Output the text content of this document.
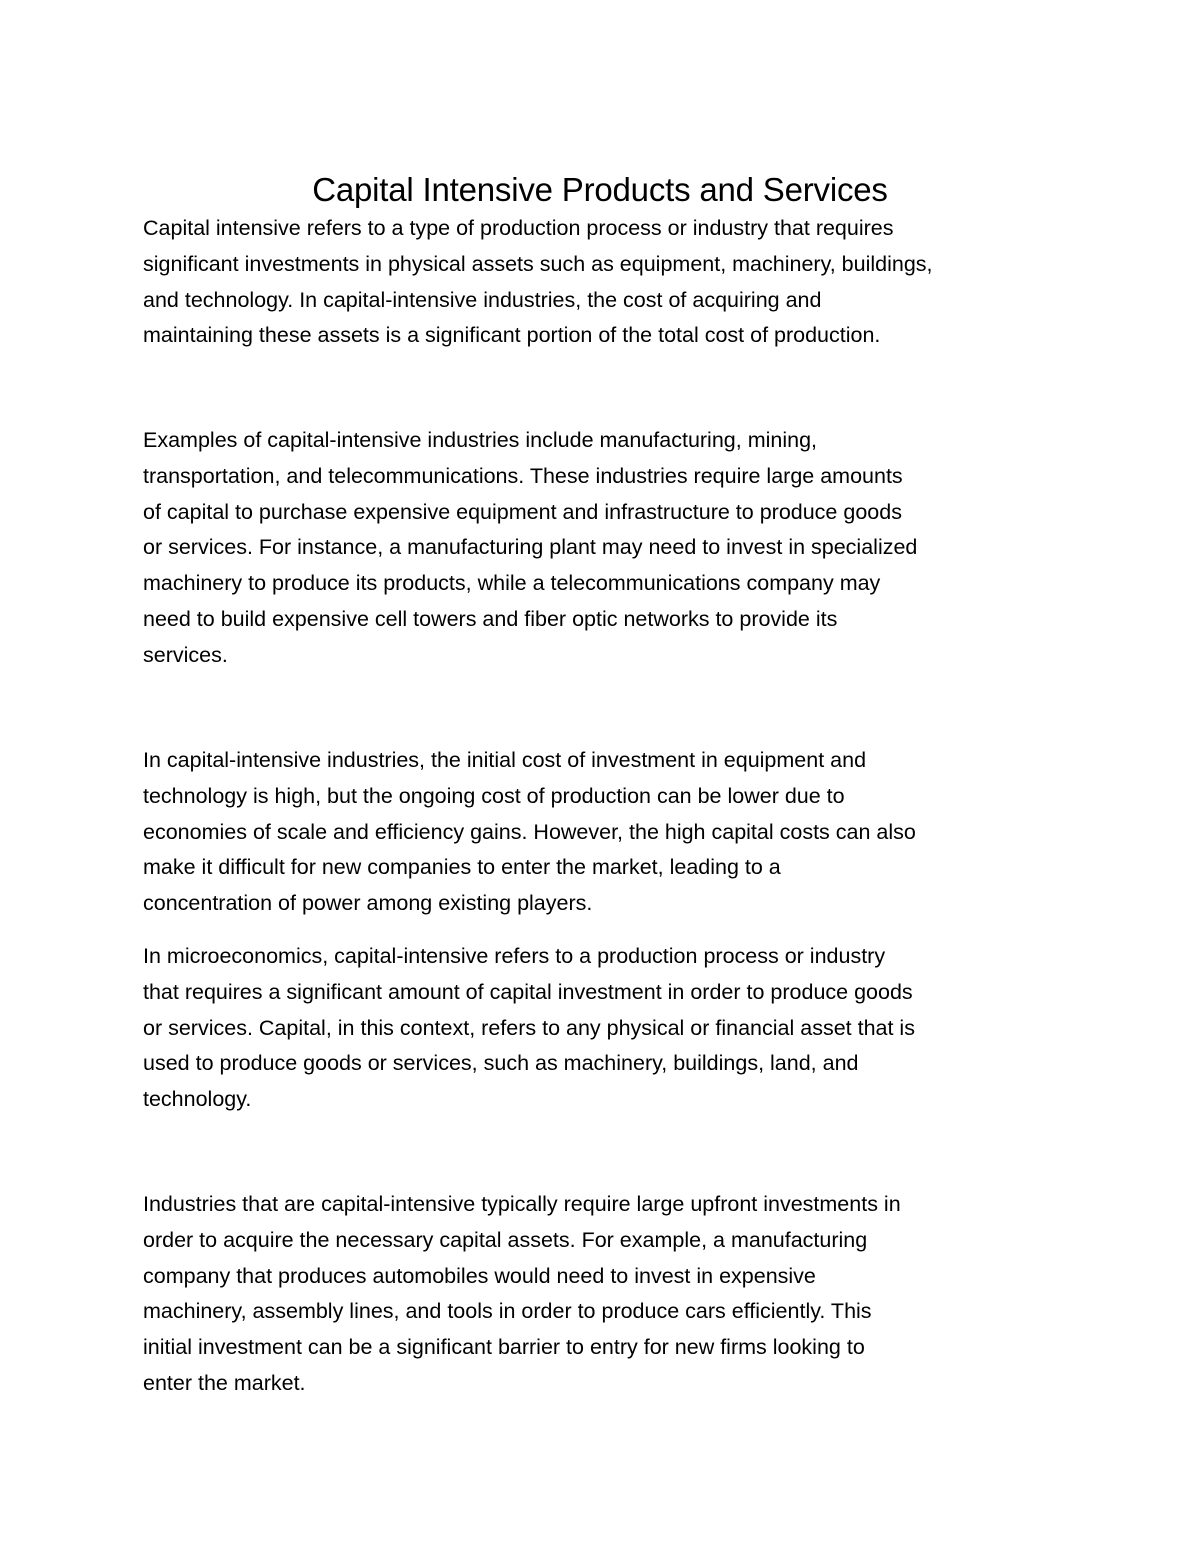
Capital Intensive Products and Services

Capital intensive refers to a type of production process or industry that requires
significant investments in physical assets such as equipment, machinery, buildings,
and technology. In capital-intensive industries, the cost of acquiring and
maintaining these assets is a significant portion of the total cost of production.

Examples of capital-intensive industries include manufacturing, mining,
transportation, and telecommunications. These industries require large amounts
of capital to purchase expensive equipment and infrastructure to produce goods
or services. For instance, a manufacturing plant may need to invest in specialized
machinery to produce its products, while a telecommunications company may
need to build expensive cell towers and fiber optic networks to provide its
services.

In capital-intensive industries, the initial cost of investment in equipment and
technology is high, but the ongoing cost of production can be lower due to
economies of scale and efficiency gains. However, the high capital costs can also
make it difficult for new companies to enter the market, leading to a
concentration of power among existing players.

In microeconomics, capital-intensive refers to a production process or industry
that requires a significant amount of capital investment in order to produce goods
or services. Capital, in this context, refers to any physical or financial asset that is
used to produce goods or services, such as machinery, buildings, land, and
technology.

Industries that are capital-intensive typically require large upfront investments in
order to acquire the necessary capital assets. For example, a manufacturing
company that produces automobiles would need to invest in expensive
machinery, assembly lines, and tools in order to produce cars efficiently. This
initial investment can be a significant barrier to entry for new firms looking to
enter the market.
